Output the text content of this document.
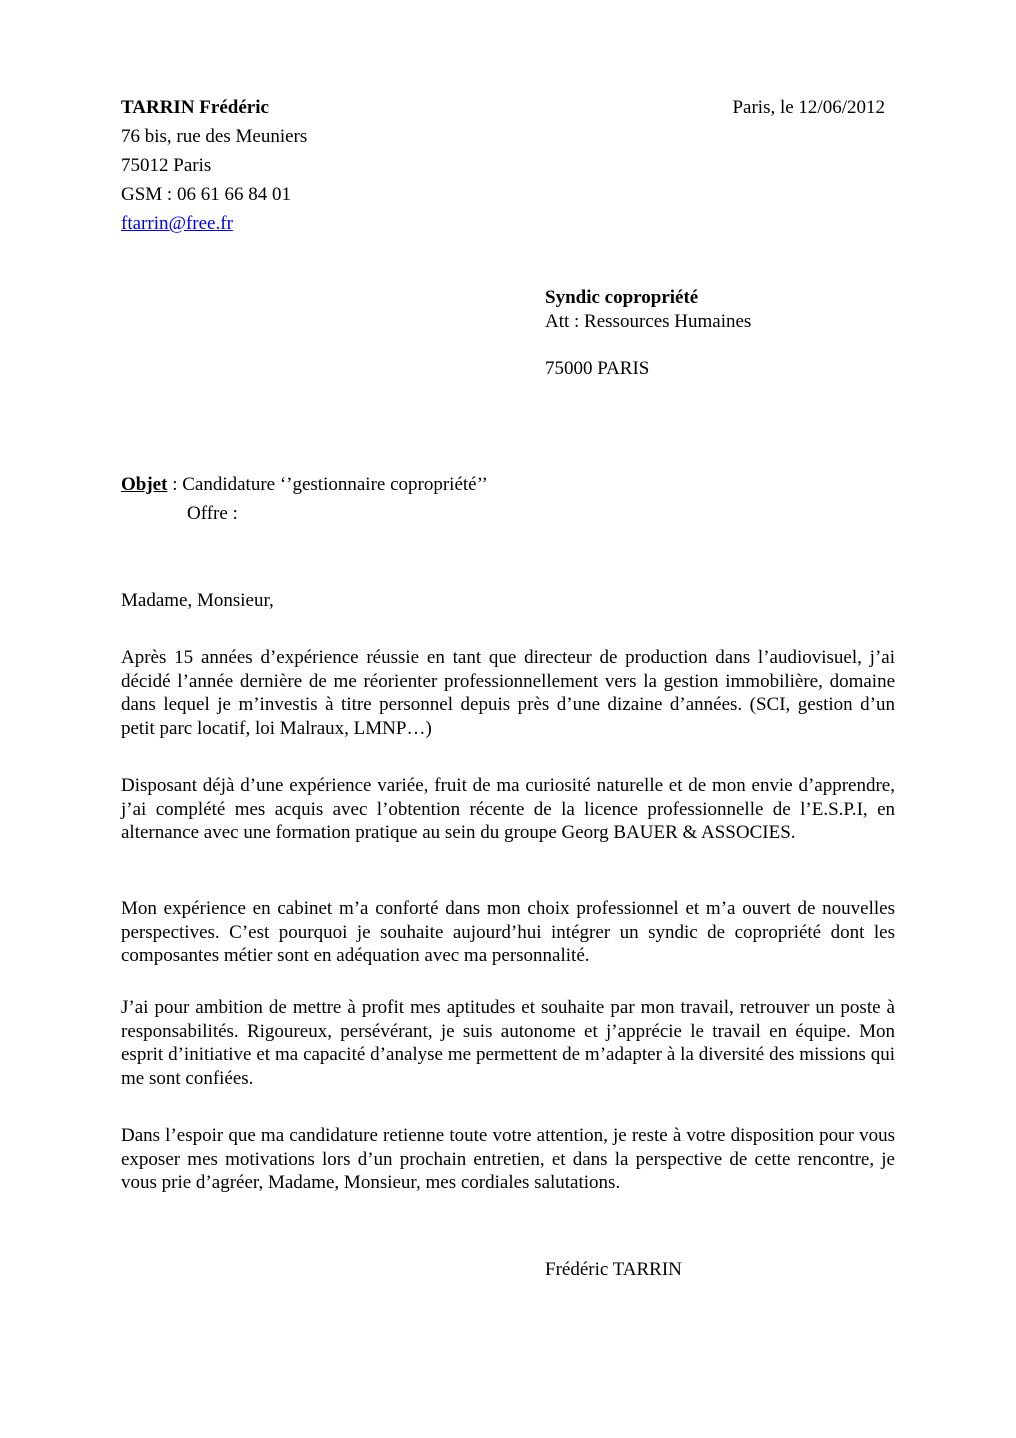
TARRIN Frédéric
76 bis, rue des Meuniers
75012 Paris
GSM : 06 61 66 84 01
ftarrin@free.fr
Paris, le 12/06/2012
Syndic copropriété
Att : Ressources Humaines
75000 PARIS
Objet : Candidature ‘’gestionnaire copropriété’’
Offre :
Madame, Monsieur,

Après 15 années d’expérience réussie en tant que directeur de production dans l’audiovisuel, j’ai décidé l’année dernière de me réorienter professionnellement vers la gestion immobilière, domaine dans lequel je m’investis à titre personnel depuis près d’une dizaine d’années. (SCI, gestion d’un petit parc locatif, loi Malraux, LMNP…)

Disposant déjà d’une expérience variée, fruit de ma curiosité naturelle et de mon envie d’apprendre, j’ai complété mes acquis avec l’obtention récente de la licence professionnelle de l’E.S.P.I, en alternance avec une formation pratique au sein du groupe Georg BAUER & ASSOCIES.

Mon expérience en cabinet m’a conforté dans mon choix professionnel et m’a ouvert de nouvelles perspectives. C’est pourquoi je souhaite aujourd’hui intégrer un syndic de copropriété dont les composantes métier sont en adéquation avec ma personnalité.

J’ai pour ambition de mettre à profit mes aptitudes et souhaite par mon travail, retrouver un poste à responsabilités. Rigoureux, persévérant, je suis autonome et j’apprécie le travail en équipe. Mon esprit d’initiative et ma capacité d’analyse me permettent de m’adapter à la diversité des missions qui me sont confiées.

Dans l’espoir que ma candidature retienne toute votre attention, je reste à votre disposition pour vous exposer mes motivations lors d’un prochain entretien, et dans la perspective de cette rencontre, je vous prie d’agréer, Madame, Monsieur, mes cordiales salutations.

Frédéric TARRIN
